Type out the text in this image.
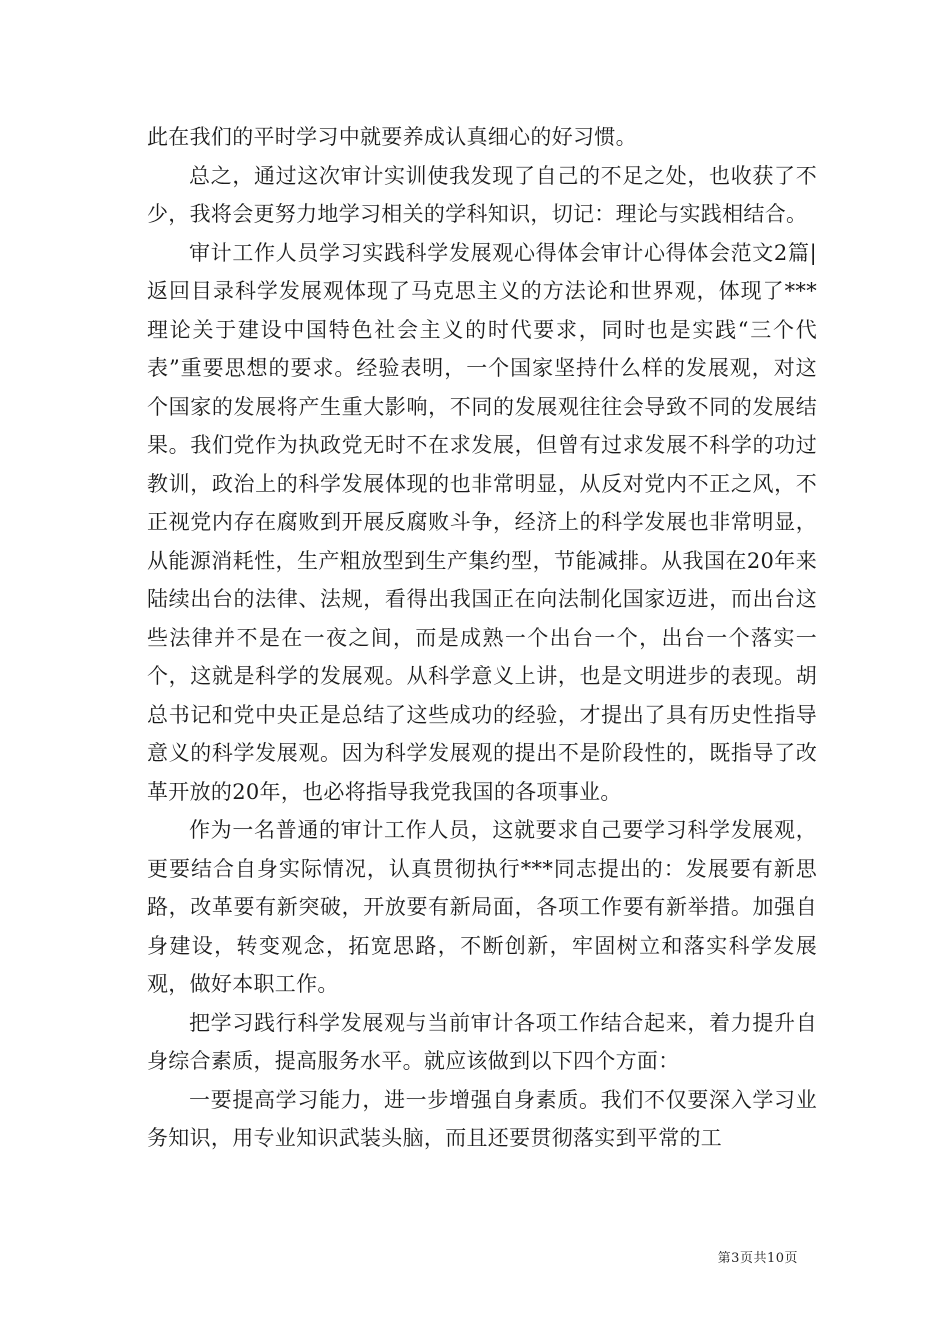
此在我们的平时学习中就要养成认真细心的好习惯。

总之，通过这次审计实训使我发现了自己的不足之处，也收获了不少，我将会更努力地学习相关的学科知识，切记：理论与实践相结合。

审计工作人员学习实践科学发展观心得体会审计心得体会范文2篇|返回目录科学发展观体现了马克思主义的方法论和世界观，体现了***理论关于建设中国特色社会主义的时代要求，同时也是实践“三个代表”重要思想的要求。经验表明，一个国家坚持什么样的发展观，对这个国家的发展将产生重大影响，不同的发展观往往会导致不同的发展结果。我们党作为执政党无时不在求发展，但曾有过求发展不科学的功过教训，政治上的科学发展体现的也非常明显，从反对党内不正之风，不正视党内存在腐败到开展反腐败斗争，经济上的科学发展也非常明显，从能源消耗性，生产粗放型到生产集约型，节能减排。从我国在20年来陆续出台的法律、法规，看得出我国正在向法制化国家迈进，而出台这些法律并不是在一夜之间，而是成熟一个出台一个，出台一个落实一个，这就是科学的发展观。从科学意义上讲，也是文明进步的表现。胡总书记和党中央正是总结了这些成功的经验，才提出了具有历史性指导意义的科学发展观。因为科学发展观的提出不是阶段性的，既指导了改革开放的20年，也必将指导我党我国的各项事业。

作为一名普通的审计工作人员，这就要求自己要学习科学发展观，更要结合自身实际情况，认真贯彻执行***同志提出的：发展要有新思路，改革要有新突破，开放要有新局面，各项工作要有新举措。加强自身建设，转变观念，拓宽思路，不断创新，牢固树立和落实科学发展观，做好本职工作。

把学习践行科学发展观与当前审计各项工作结合起来，着力提升自身综合素质，提高服务水平。就应该做到以下四个方面：

一要提高学习能力，进一步增强自身素质。我们不仅要深入学习业务知识，用专业知识武装头脑，而且还要贯彻落实到平常的工

第3页共10页
